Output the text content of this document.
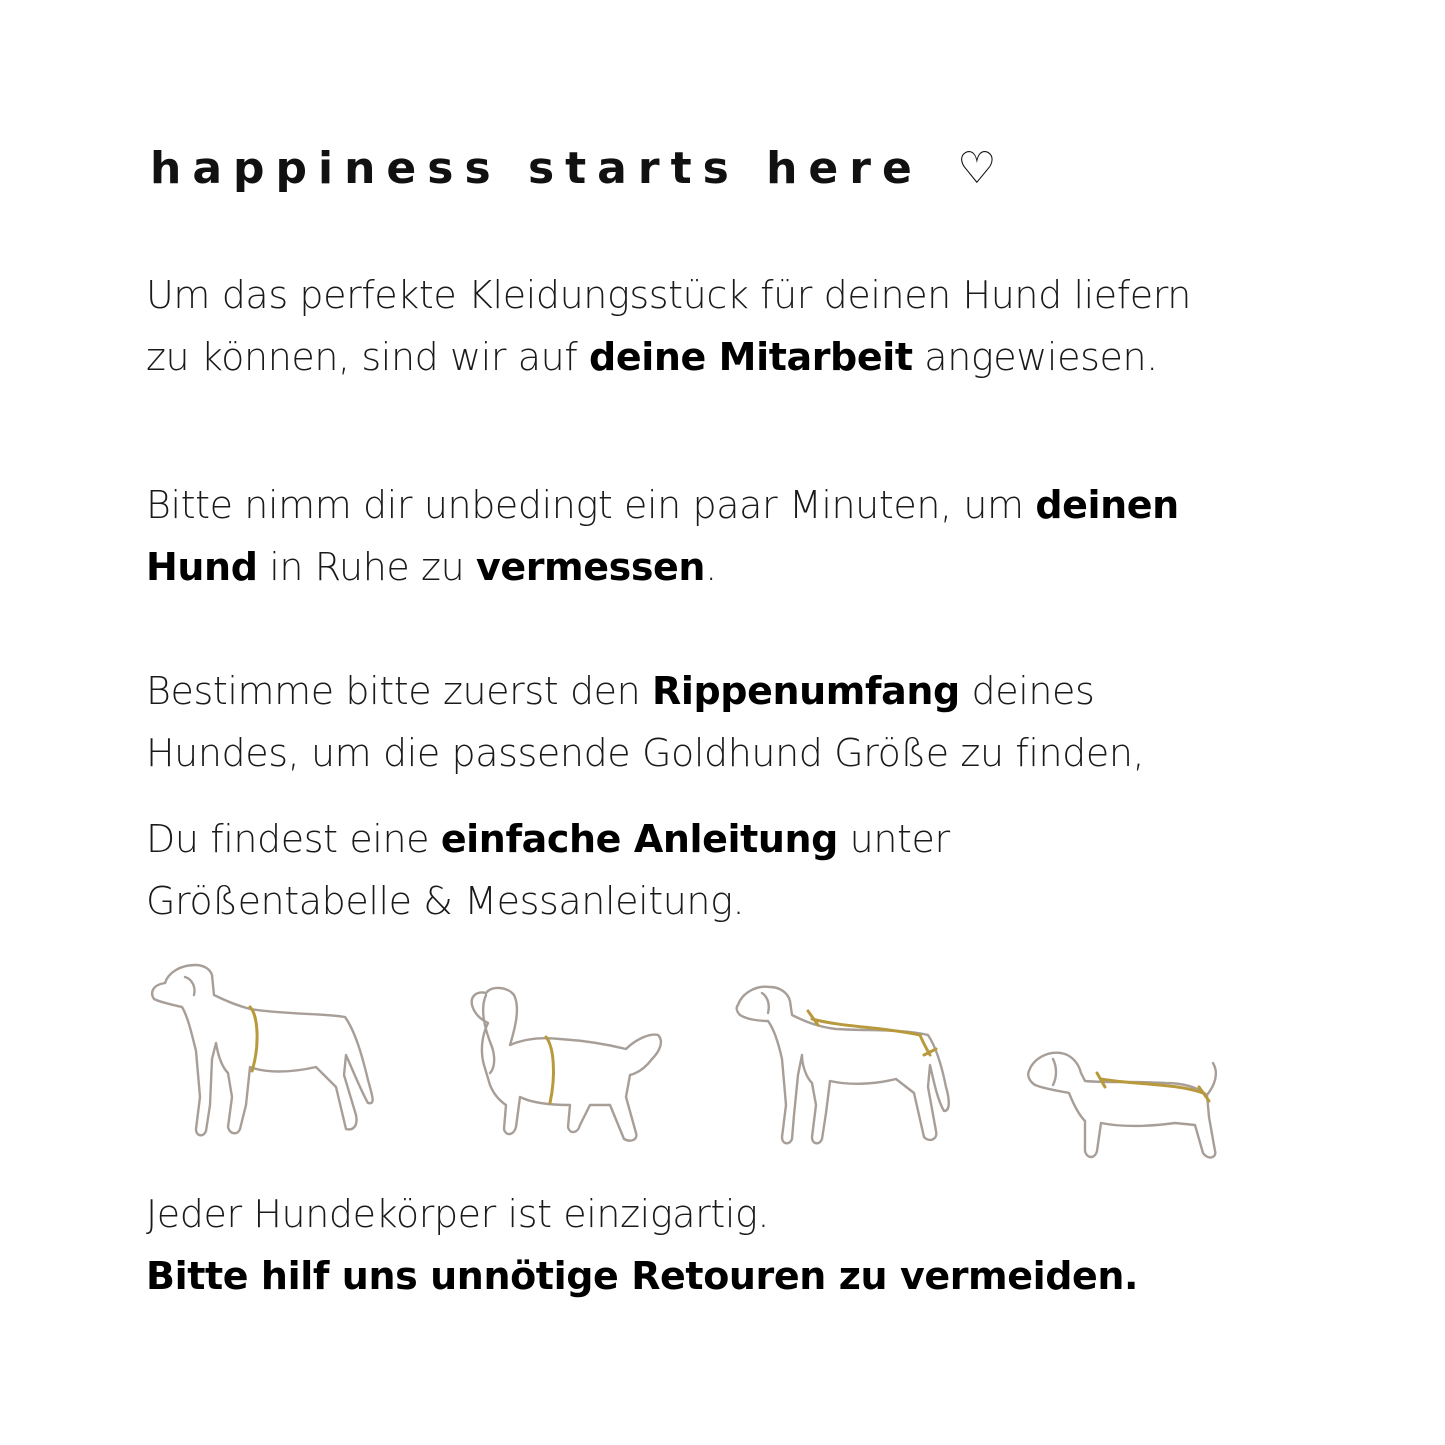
happiness starts here ♡
Um das perfekte Kleidungsstück für deinen Hund liefern
zu können, sind wir auf deine Mitarbeit angewiesen.
Bitte nimm dir unbedingt ein paar Minuten, um deinen
Hund in Ruhe zu vermessen.
Bestimme bitte zuerst den Rippenumfang deines
Hundes, um die passende Goldhund Größe zu finden,
Du findest eine einfache Anleitung unter
Größentabelle & Messanleitung.
Jeder Hundekörper ist einzigartig.
Bitte hilf uns unnötige Retouren zu vermeiden.
